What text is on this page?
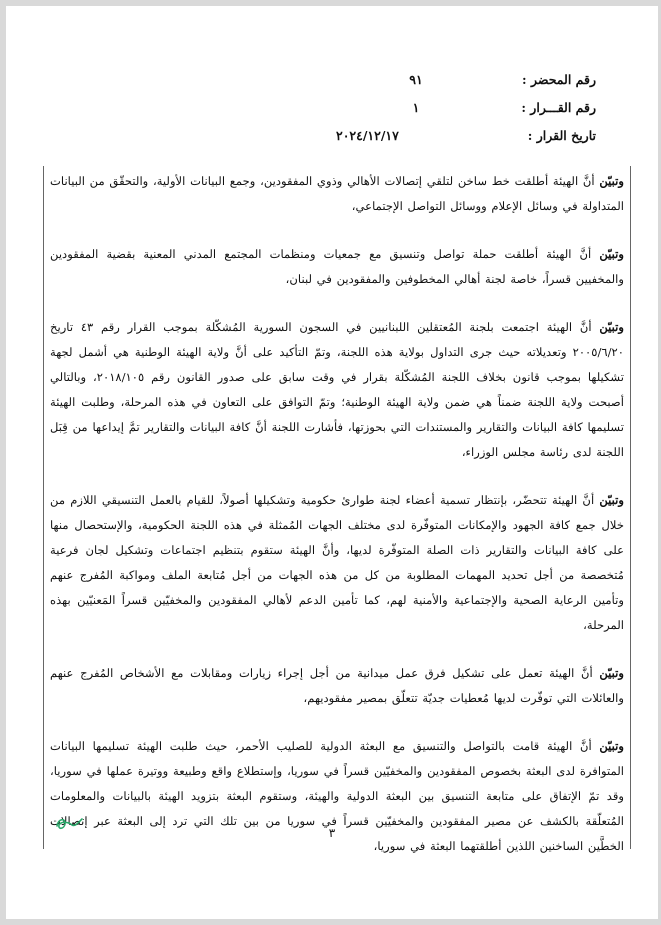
رقم المحضر :
٩١
رقم القـــرار :
١
تاريخ القرار :
٢٠٢٤/١٢/١٧

وتبيّن أنَّ الهيئة أطلقت خط ساخن لتلقي إتصالات الأهالي وذوي المفقودين، وجمع البيانات الأولية، والتحقّق من البيانات المتداولة في وسائل الإعلام ووسائل التواصل الإجتماعي،

وتبيّن أنَّ الهيئة أطلقت حملة تواصل وتنسيق مع جمعيات ومنظمات المجتمع المدني المعنية بقضية المفقودين والمخفيين قسراً، خاصة لجنة أهالي المخطوفين والمفقودين في لبنان،

وتبيّن أنَّ الهيئة اجتمعت بلجنة المُعتقلين اللبنانيين في السجون السورية المُشكّلة بموجب القرار رقم ٤٣ تاريخ ٢٠٠٥/٦/٢٠ وتعديلاته حيث جرى التداول بولاية هذه اللجنة، وتمّ التأكيد على أنَّ ولاية الهيئة الوطنية هي أشمل لجهة تشكيلها بموجب قانون بخلاف اللجنة المُشكّلة بقرار في وقت سابق على صدور القانون رقم ٢٠١٨/١٠٥، وبالتالي أصبحت ولاية اللجنة ضمناً هي ضمن ولاية الهيئة الوطنية؛ وتمّ التوافق على التعاون في هذه المرحلة، وطلبت الهيئة تسليمها كافة البيانات والتقارير والمستندات التي بحوزتها، فأشارت اللجنة أنَّ كافة البيانات والتقارير تمَّ إيداعها من قِبَل اللجنة لدى رئاسة مجلس الوزراء،

وتبيّن أنَّ الهيئة تتحضّر، بإنتظار تسمية أعضاء لجنة طوارئ حكومية وتشكيلها أصولاً، للقيام بالعمل التنسيقي اللازم من خلال جمع كافة الجهود والإمكانات المتوفّرة لدى مختلف الجهات المُمثلة في هذه اللجنة الحكومية، والإستحصال منها على كافة البيانات والتقارير ذات الصلة المتوفّرة لديها، وأنَّ الهيئة ستقوم بتنظيم اجتماعات وتشكيل لجان فرعية مُتخصصة من أجل تحديد المهمات المطلوبة من كل من هذه الجهات من أجل مُتابعة الملف ومواكبة المُفرج عنهم وتأمين الرعاية الصحية والإجتماعية والأمنية لهم، كما تأمين الدعم لأهالي المفقودين والمخفيّين قسراً المَعنيّين بهذه المرحلة،

وتبيّن أنَّ الهيئة تعمل على تشكيل فرق عمل ميدانية من أجل إجراء زيارات ومقابلات مع الأشخاص المُفرج عنهم والعائلات التي توفّرت لديها مُعطيات جديّة تتعلّق بمصير مفقوديهم،

وتبيّن أنَّ الهيئة قامت بالتواصل والتنسيق مع البعثة الدولية للصليب الأحمر، حيث طلبت الهيئة تسليمها البيانات المتوافرة لدى البعثة بخصوص المفقودين والمخفيّين قسراً في سوريا، وإستطلاع واقع وطبيعة ووتيرة عملها في سوريا، وقد تمّ الإتفاق على متابعة التنسيق بين البعثة الدولية والهيئة، وستقوم البعثة بتزويد الهيئة بالبيانات والمعلومات المُتعلّقة بالكشف عن مصير المفقودين والمخفيّين قسراً في سوريا من بين تلك التي ترد إلى البعثة عبر إتصالات الخطَّين الساخنين اللذين أطلقتهما البعثة في سوريا،

٣
